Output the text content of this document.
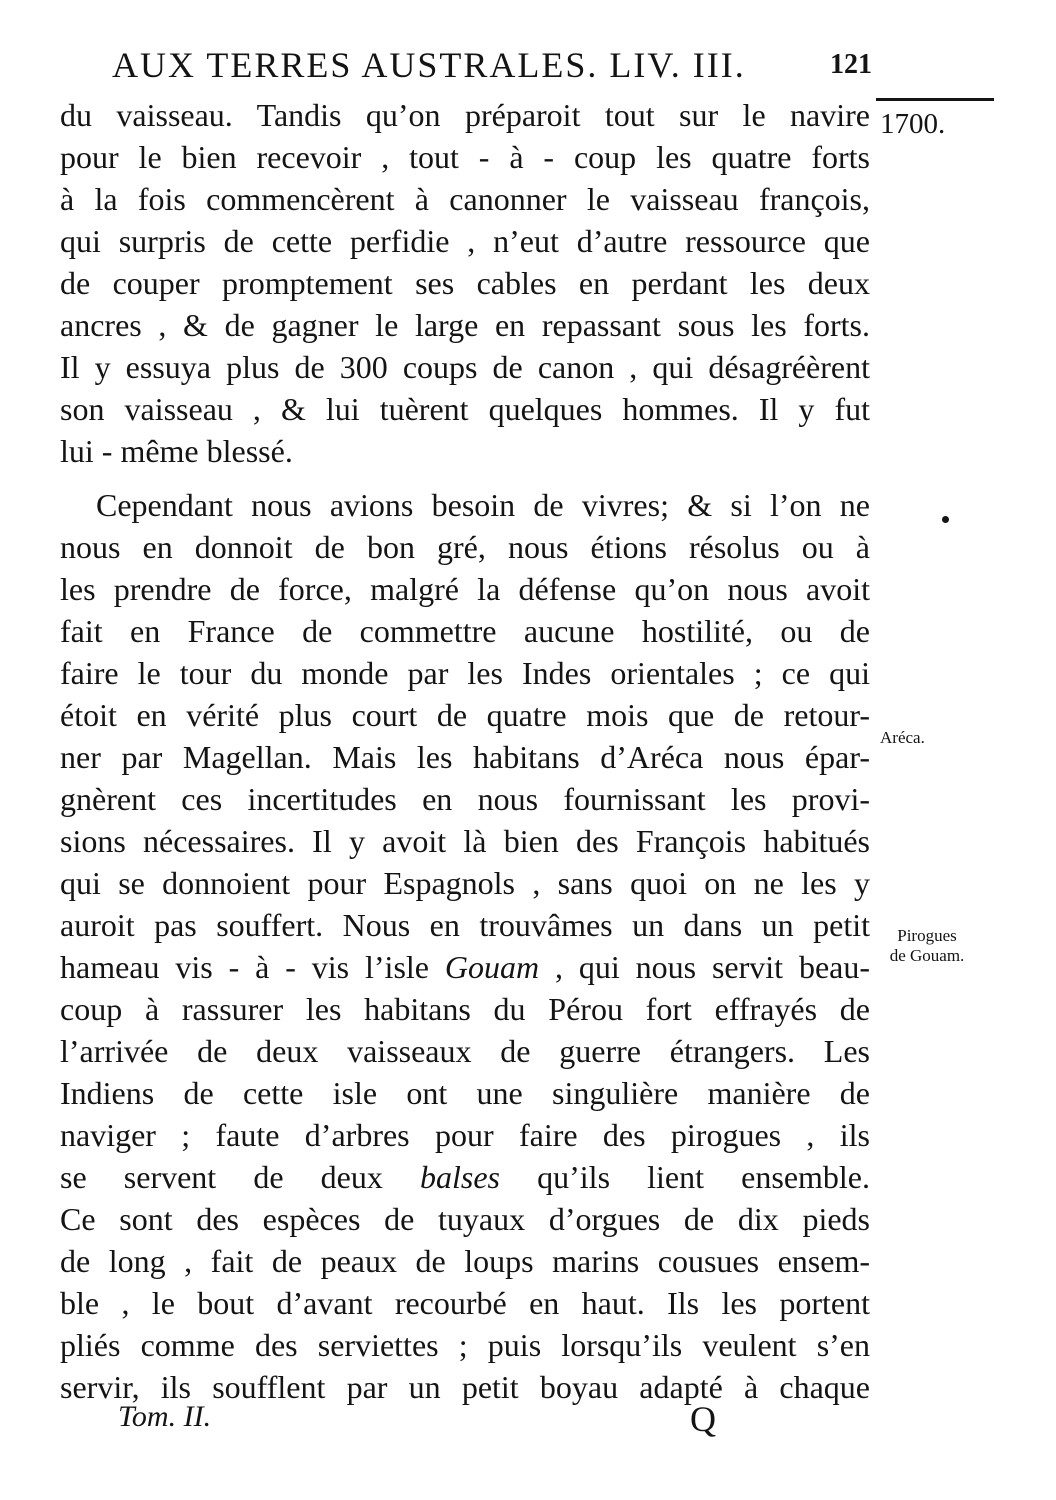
AUX TERRES AUSTRALES. LIV. III.	121
1700.
du vaisseau. Tandis qu’on préparoit tout sur le navire
pour le bien recevoir , tout - à - coup les quatre forts
à la fois commencèrent à canonner le vaisseau françois,
qui surpris de cette perfidie , n’eut d’autre ressource que
de couper promptement ses cables en perdant les deux
ancres , & de gagner le large en repassant sous les forts.
Il y essuya plus de 300 coups de canon , qui désagréèrent
son vaisseau , & lui tuèrent quelques hommes. Il y fut
lui - même blessé.
Cependant nous avions besoin de vivres; & si l’on ne
nous en donnoit de bon gré, nous étions résolus ou à
les prendre de force, malgré la défense qu’on nous avoit
fait en France de commettre aucune hostilité, ou de
faire le tour du monde par les Indes orientales ; ce qui
étoit en vérité plus court de quatre mois que de retour-
ner par Magellan. Mais les habitans d’Aréca nous épar-
gnèrent ces incertitudes en nous fournissant les provi-
sions nécessaires. Il y avoit là bien des François habitués
qui se donnoient pour Espagnols , sans quoi on ne les y
auroit pas souffert. Nous en trouvâmes un dans un petit
hameau vis - à - vis l’isle Gouam , qui nous servit beau-
coup à rassurer les habitans du Pérou fort effrayés de
l’arrivée de deux vaisseaux de guerre étrangers. Les
Indiens de cette isle ont une singulière manière de
naviger ; faute d’arbres pour faire des pirogues , ils
se servent de deux balses qu’ils lient ensemble.
Ce sont des espèces de tuyaux d’orgues de dix pieds
de long , fait de peaux de loups marins cousues ensem-
ble , le bout d’avant recourbé en haut. Ils les portent
pliés comme des serviettes ; puis lorsqu’ils veulent s’en
servir, ils soufflent par un petit boyau adapté à chaque
Aréca.
Pirogues
de Gouam.
Tom. II.	Q
